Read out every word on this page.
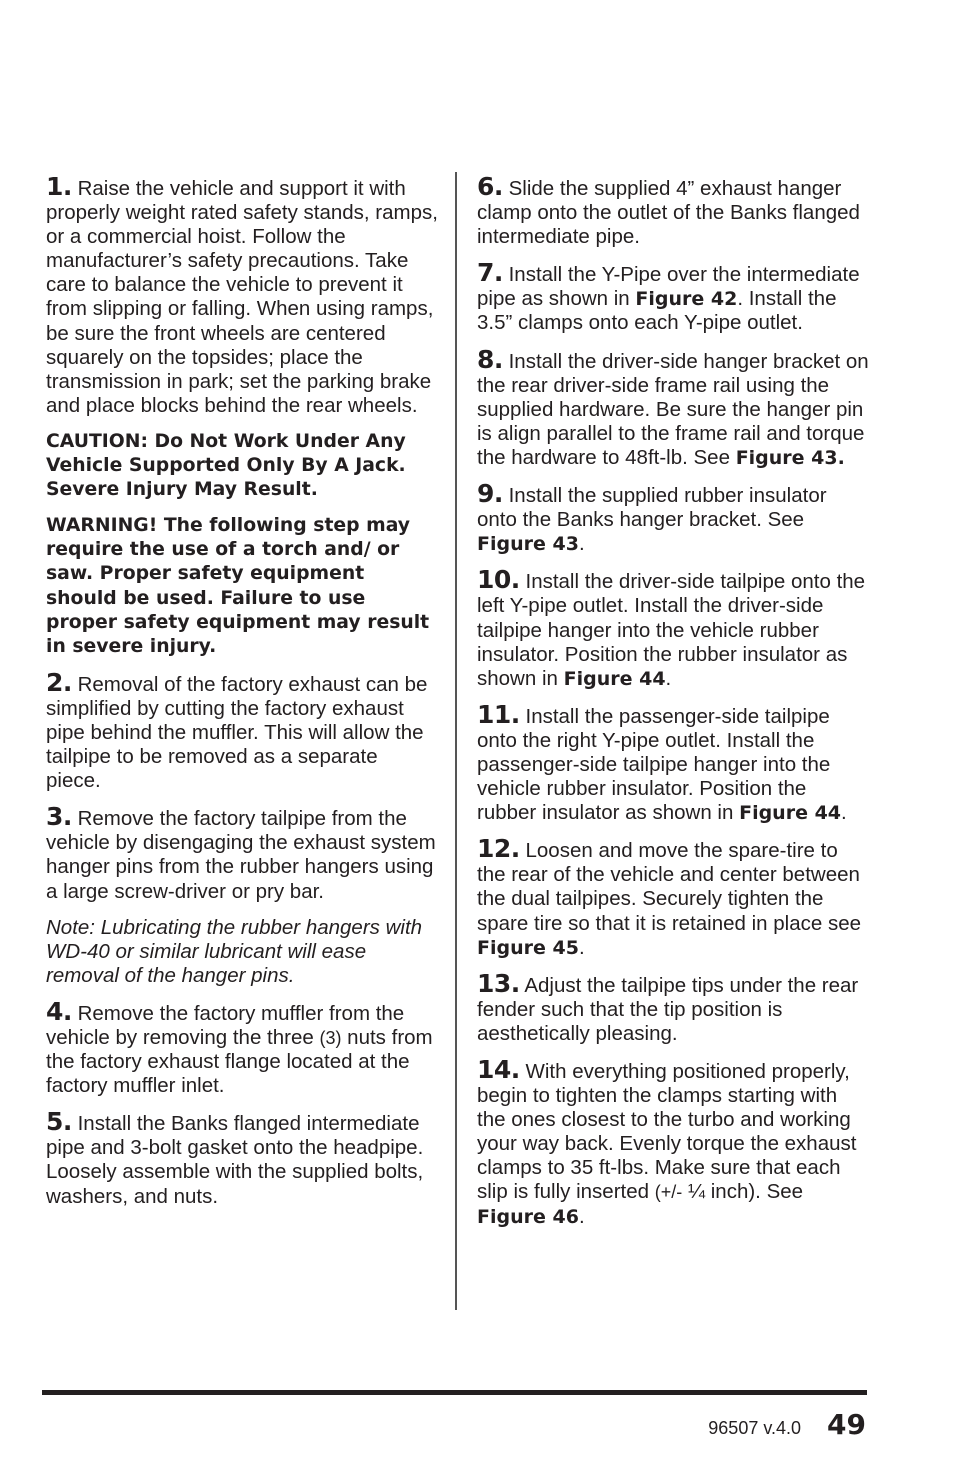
1. Raise the vehicle and support it with properly weight rated safety stands, ramps, or a commercial hoist. Follow the manufacturer’s safety precautions. Take care to balance the vehicle to prevent it from slipping or falling. When using ramps, be sure the front wheels are centered squarely on the topsides; place the transmission in park; set the parking brake and place blocks behind the rear wheels.

CAUTION: Do Not Work Under Any Vehicle Supported Only By A Jack. Severe Injury May Result.

WARNING! The following step may require the use of a torch and/ or saw. Proper safety equipment should be used. Failure to use proper safety equipment may result in severe injury.

2. Removal of the factory exhaust can be simplified by cutting the factory exhaust pipe behind the muffler. This will allow the tailpipe to be removed as a separate piece.

3. Remove the factory tailpipe from the vehicle by disengaging the exhaust system hanger pins from the rubber hangers using a large screw-driver or pry bar.

Note: Lubricating the rubber hangers with WD-40 or similar lubricant will ease removal of the hanger pins.

4. Remove the factory muffler from the vehicle by removing the three (3) nuts from the factory exhaust flange located at the factory muffler inlet.

5. Install the Banks flanged intermediate pipe and 3-bolt gasket onto the headpipe. Loosely assemble with the supplied bolts, washers, and nuts.

6. Slide the supplied 4” exhaust hanger clamp onto the outlet of the Banks flanged intermediate pipe.

7. Install the Y-Pipe over the intermediate pipe as shown in Figure 42. Install the 3.5” clamps onto each Y-pipe outlet.

8. Install the driver-side hanger bracket on the rear driver-side frame rail using the supplied hardware. Be sure the hanger pin is align parallel to the frame rail and torque the hardware to 48ft-lb. See Figure 43.

9. Install the supplied rubber insulator onto the Banks hanger bracket. See Figure 43.

10. Install the driver-side tailpipe onto the left Y-pipe outlet. Install the driver-side tailpipe hanger into the vehicle rubber insulator. Position the rubber insulator as shown in Figure 44.

11. Install the passenger-side tailpipe onto the right Y-pipe outlet. Install the passenger-side tailpipe hanger into the vehicle rubber insulator. Position the rubber insulator as shown in Figure 44.

12. Loosen and move the spare-tire to the rear of the vehicle and center between the dual tailpipes. Securely tighten the spare tire so that it is retained in place see Figure 45.

13. Adjust the tailpipe tips under the rear fender such that the tip position is aesthetically pleasing.

14. With everything positioned properly, begin to tighten the clamps starting with the ones closest to the turbo and working your way back. Evenly torque the exhaust clamps to 35 ft-lbs. Make sure that each slip is fully inserted (+/- ¼ inch). See Figure 46.

96507 v.4.0 49
